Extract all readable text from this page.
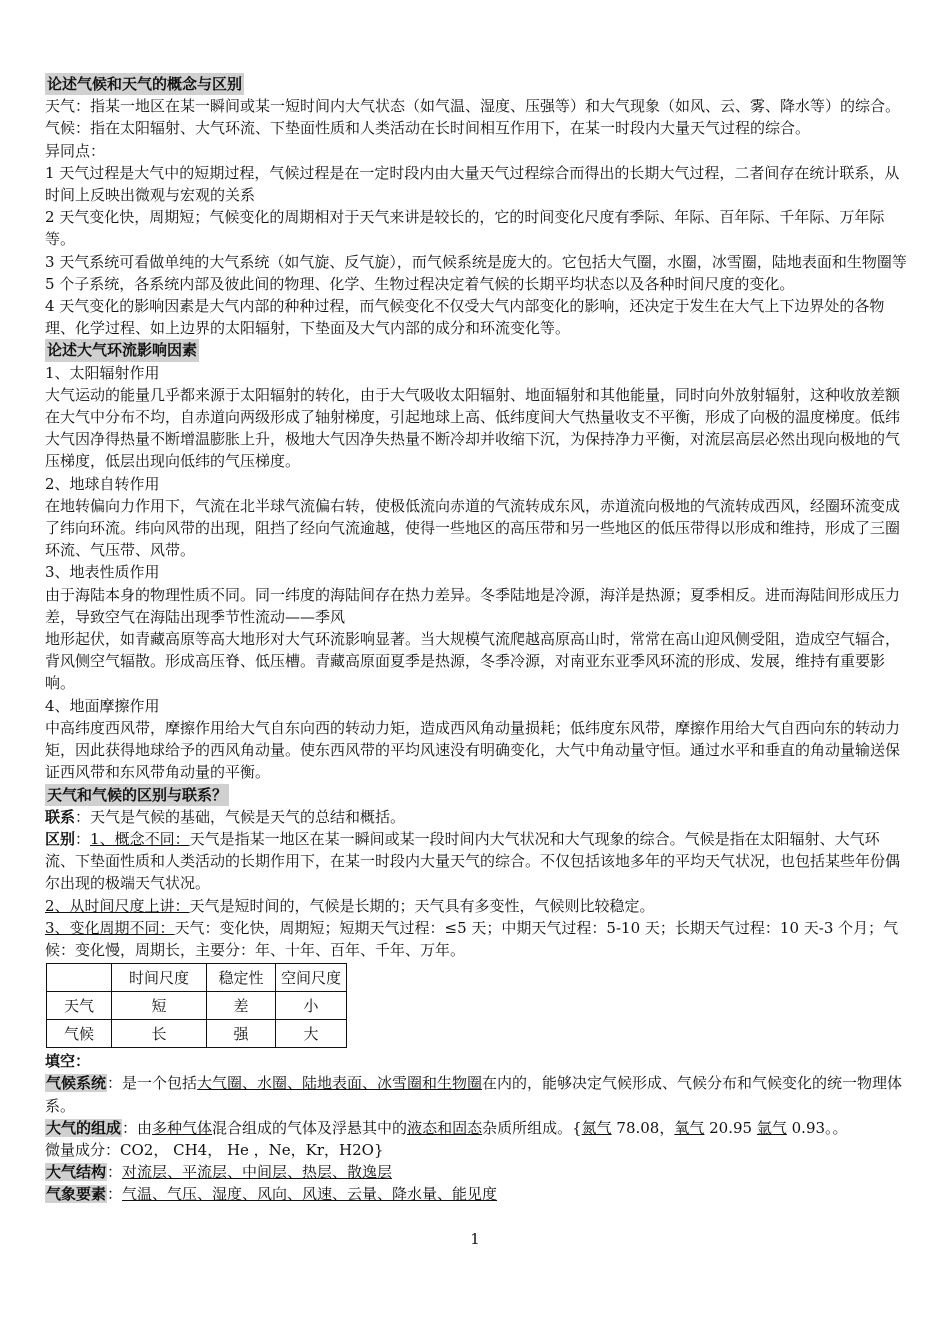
论述气候和天气的概念与区别

天气：指某一地区在某一瞬间或某一短时间内大气状态（如气温、湿度、压强等）和大气现象（如风、云、雾、降水等）的综合。

气候：指在太阳辐射、大气环流、下垫面性质和人类活动在长时间相互作用下，在某一时段内大量天气过程的综合。

异同点：

1 天气过程是大气中的短期过程，气候过程是在一定时段内由大量天气过程综合而得出的长期大气过程，二者间存在统计联系，从时间上反映出微观与宏观的关系

2 天气变化快，周期短；气候变化的周期相对于天气来讲是较长的，它的时间变化尺度有季际、年际、百年际、千年际、万年际等。

3 天气系统可看做单纯的大气系统（如气旋、反气旋），而气候系统是庞大的。它包括大气圈，水圈，冰雪圈，陆地表面和生物圈等 5 个子系统，各系统内部及彼此间的物理、化学、生物过程决定着气候的长期平均状态以及各种时间尺度的变化。

4 天气变化的影响因素是大气内部的种种过程，而气候变化不仅受大气内部变化的影响，还决定于发生在大气上下边界处的各物理、化学过程、如上边界的太阳辐射，下垫面及大气内部的成分和环流变化等。

论述大气环流影响因素

1、太阳辐射作用

大气运动的能量几乎都来源于太阳辐射的转化，由于大气吸收太阳辐射、地面辐射和其他能量，同时向外放射辐射，这种收放差额在大气中分布不均，自赤道向两级形成了轴射梯度，引起地球上高、低纬度间大气热量收支不平衡，形成了向极的温度梯度。低纬大气因净得热量不断增温膨胀上升，极地大气因净失热量不断冷却并收缩下沉，为保持净力平衡，对流层高层必然出现向极地的气压梯度，低层出现向低纬的气压梯度。

2、地球自转作用

在地转偏向力作用下，气流在北半球气流偏右转，使极低流向赤道的气流转成东风，赤道流向极地的气流转成西风，经圈环流变成了纬向环流。纬向风带的出现，阻挡了经向气流逾越，使得一些地区的高压带和另一些地区的低压带得以形成和维持，形成了三圈环流、气压带、风带。

3、地表性质作用

由于海陆本身的物理性质不同。同一纬度的海陆间存在热力差异。冬季陆地是冷源，海洋是热源；夏季相反。进而海陆间形成压力差，导致空气在海陆出现季节性流动——季风

地形起伏，如青藏高原等高大地形对大气环流影响显著。当大规模气流爬越高原高山时，常常在高山迎风侧受阻，造成空气辐合，背风侧空气辐散。形成高压脊、低压槽。青藏高原面夏季是热源，冬季冷源，对南亚东亚季风环流的形成、发展，维持有重要影响。

4、地面摩擦作用

中高纬度西风带，摩擦作用给大气自东向西的转动力矩，造成西风角动量损耗；低纬度东风带，摩擦作用给大气自西向东的转动力矩，因此获得地球给予的西风角动量。使东西风带的平均风速没有明确变化，大气中角动量守恒。通过水平和垂直的角动量输送保证西风带和东风带角动量的平衡。

天气和气候的区别与联系？

联系：天气是气候的基础，气候是天气的总结和概括。

区别：1、概念不同：天气是指某一地区在某一瞬间或某一段时间内大气状况和大气现象的综合。气候是指在太阳辐射、大气环流、下垫面性质和人类活动的长期作用下，在某一时段内大量天气的综合。不仅包括该地多年的平均天气状况，也包括某些年份偶尔出现的极端天气状况。

2、从时间尺度上讲：天气是短时间的，气候是长期的；天气具有多变性，气候则比较稳定。

3、变化周期不同：天气：变化快，周期短；短期天气过程：≤5 天；中期天气过程：5-10 天；长期天气过程：10 天-3 个月；气候：变化慢，周期长，主要分：年、十年、百年、千年、万年。

	时间尺度	稳定性	空间尺度
天气	短	差	小
气候	长	强	大

填空：

气候系统：是一个包括大气圈、水圈、陆地表面、冰雪圈和生物圈在内的，能够决定气候形成、气候分布和气候变化的统一物理体系。

大气的组成：由多种气体混合组成的气体及浮悬其中的液态和固态杂质所组成。{氮气 78.08，氧气 20.95 氩气 0.93。。
微量成分：CO2， CH4， He ，Ne，Kr，H2O}

大气结构：对流层、平流层、中间层、热层、散逸层

气象要素：气温、气压、湿度、风向、风速、云量、降水量、能见度

1
